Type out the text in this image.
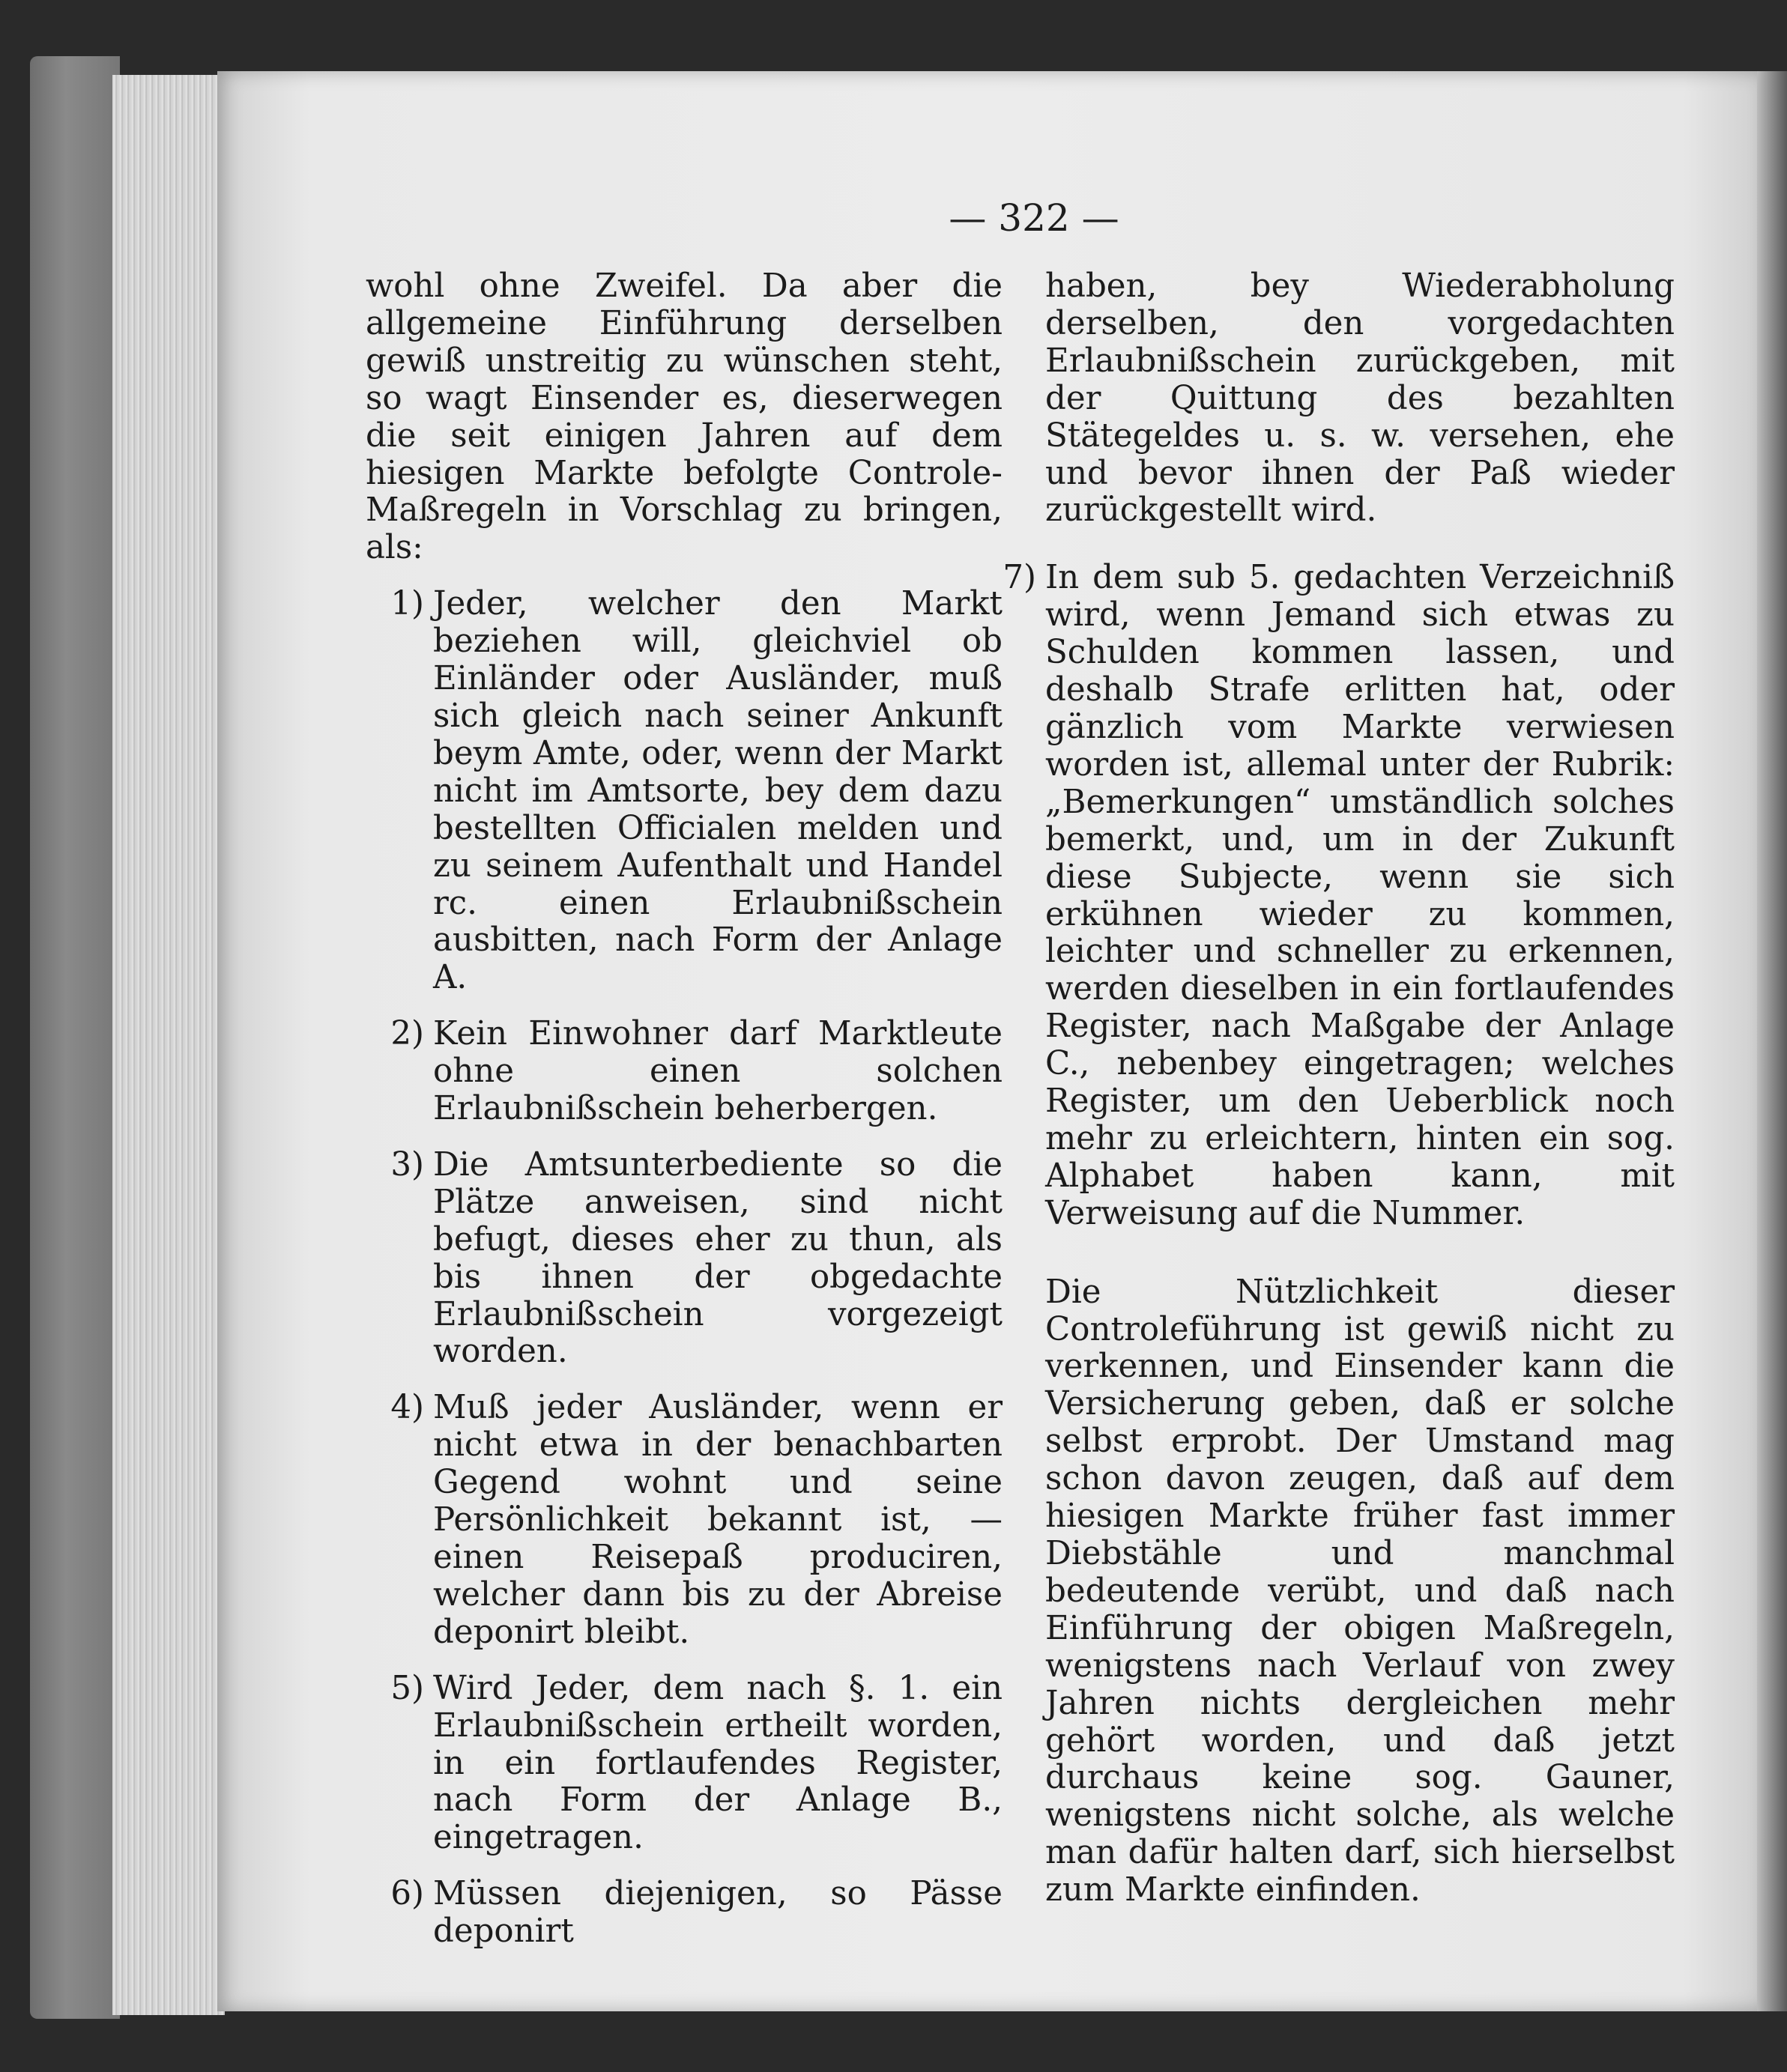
— 322 —

wohl ohne Zweifel. Da aber die allgemeine Einführung derselben gewiß unstreitig zu wünschen steht, so wagt Einsender es, dieserwegen die seit einigen Jahren auf dem hiesigen Markte befolgte Controle-Maßregeln in Vorschlag zu bringen, als:

1) Jeder, welcher den Markt beziehen will, gleichviel ob Einländer oder Ausländer, muß sich gleich nach seiner Ankunft beym Amte, oder, wenn der Markt nicht im Amtsorte, bey dem dazu bestellten Officialen melden und zu seinem Aufenthalt und Handel rc. einen Erlaubnißschein ausbitten, nach Form der Anlage A.
2) Kein Einwohner darf Marktleute ohne einen solchen Erlaubnißschein beherbergen.
3) Die Amtsunterbediente so die Plätze anweisen, sind nicht befugt, dieses eher zu thun, als bis ihnen der obgedachte Erlaubnißschein vorgezeigt worden.
4) Muß jeder Ausländer, wenn er nicht etwa in der benachbarten Gegend wohnt und seine Persönlichkeit bekannt ist, — einen Reisepaß produciren, welcher dann bis zu der Abreise deponirt bleibt.
5) Wird Jeder, dem nach §. 1. ein Erlaubnißschein ertheilt worden, in ein fortlaufendes Register, nach Form der Anlage B., eingetragen.
6) Müssen diejenigen, so Pässe deponirt

haben, bey Wiederabholung derselben, den vorgedachten Erlaubnißschein zurückgeben, mit der Quittung des bezahlten Stätegeldes u. s. w. versehen, ehe und bevor ihnen der Paß wieder zurückgestellt wird.

7) In dem sub 5. gedachten Verzeichniß wird, wenn Jemand sich etwas zu Schulden kommen lassen, und deshalb Strafe erlitten hat, oder gänzlich vom Markte verwiesen worden ist, allemal unter der Rubrik: „Bemerkungen“ umständlich solches bemerkt, und, um in der Zukunft diese Subjecte, wenn sie sich erkühnen wieder zu kommen, leichter und schneller zu erkennen, werden dieselben in ein fortlaufendes Register, nach Maßgabe der Anlage C., nebenbey eingetragen; welches Register, um den Ueberblick noch mehr zu erleichtern, hinten ein sog. Alphabet haben kann, mit Verweisung auf die Nummer.

Die Nützlichkeit dieser Controleführung ist gewiß nicht zu verkennen, und Einsender kann die Versicherung geben, daß er solche selbst erprobt. Der Umstand mag schon davon zeugen, daß auf dem hiesigen Markte früher fast immer Diebstähle und manchmal bedeutende verübt, und daß nach Einführung der obigen Maßregeln, wenigstens nach Verlauf von zwey Jahren nichts dergleichen mehr gehört worden, und daß jetzt durchaus keine sog. Gauner, wenigstens nicht solche, als welche man dafür halten darf, sich hierselbst zum Markte einfinden.
